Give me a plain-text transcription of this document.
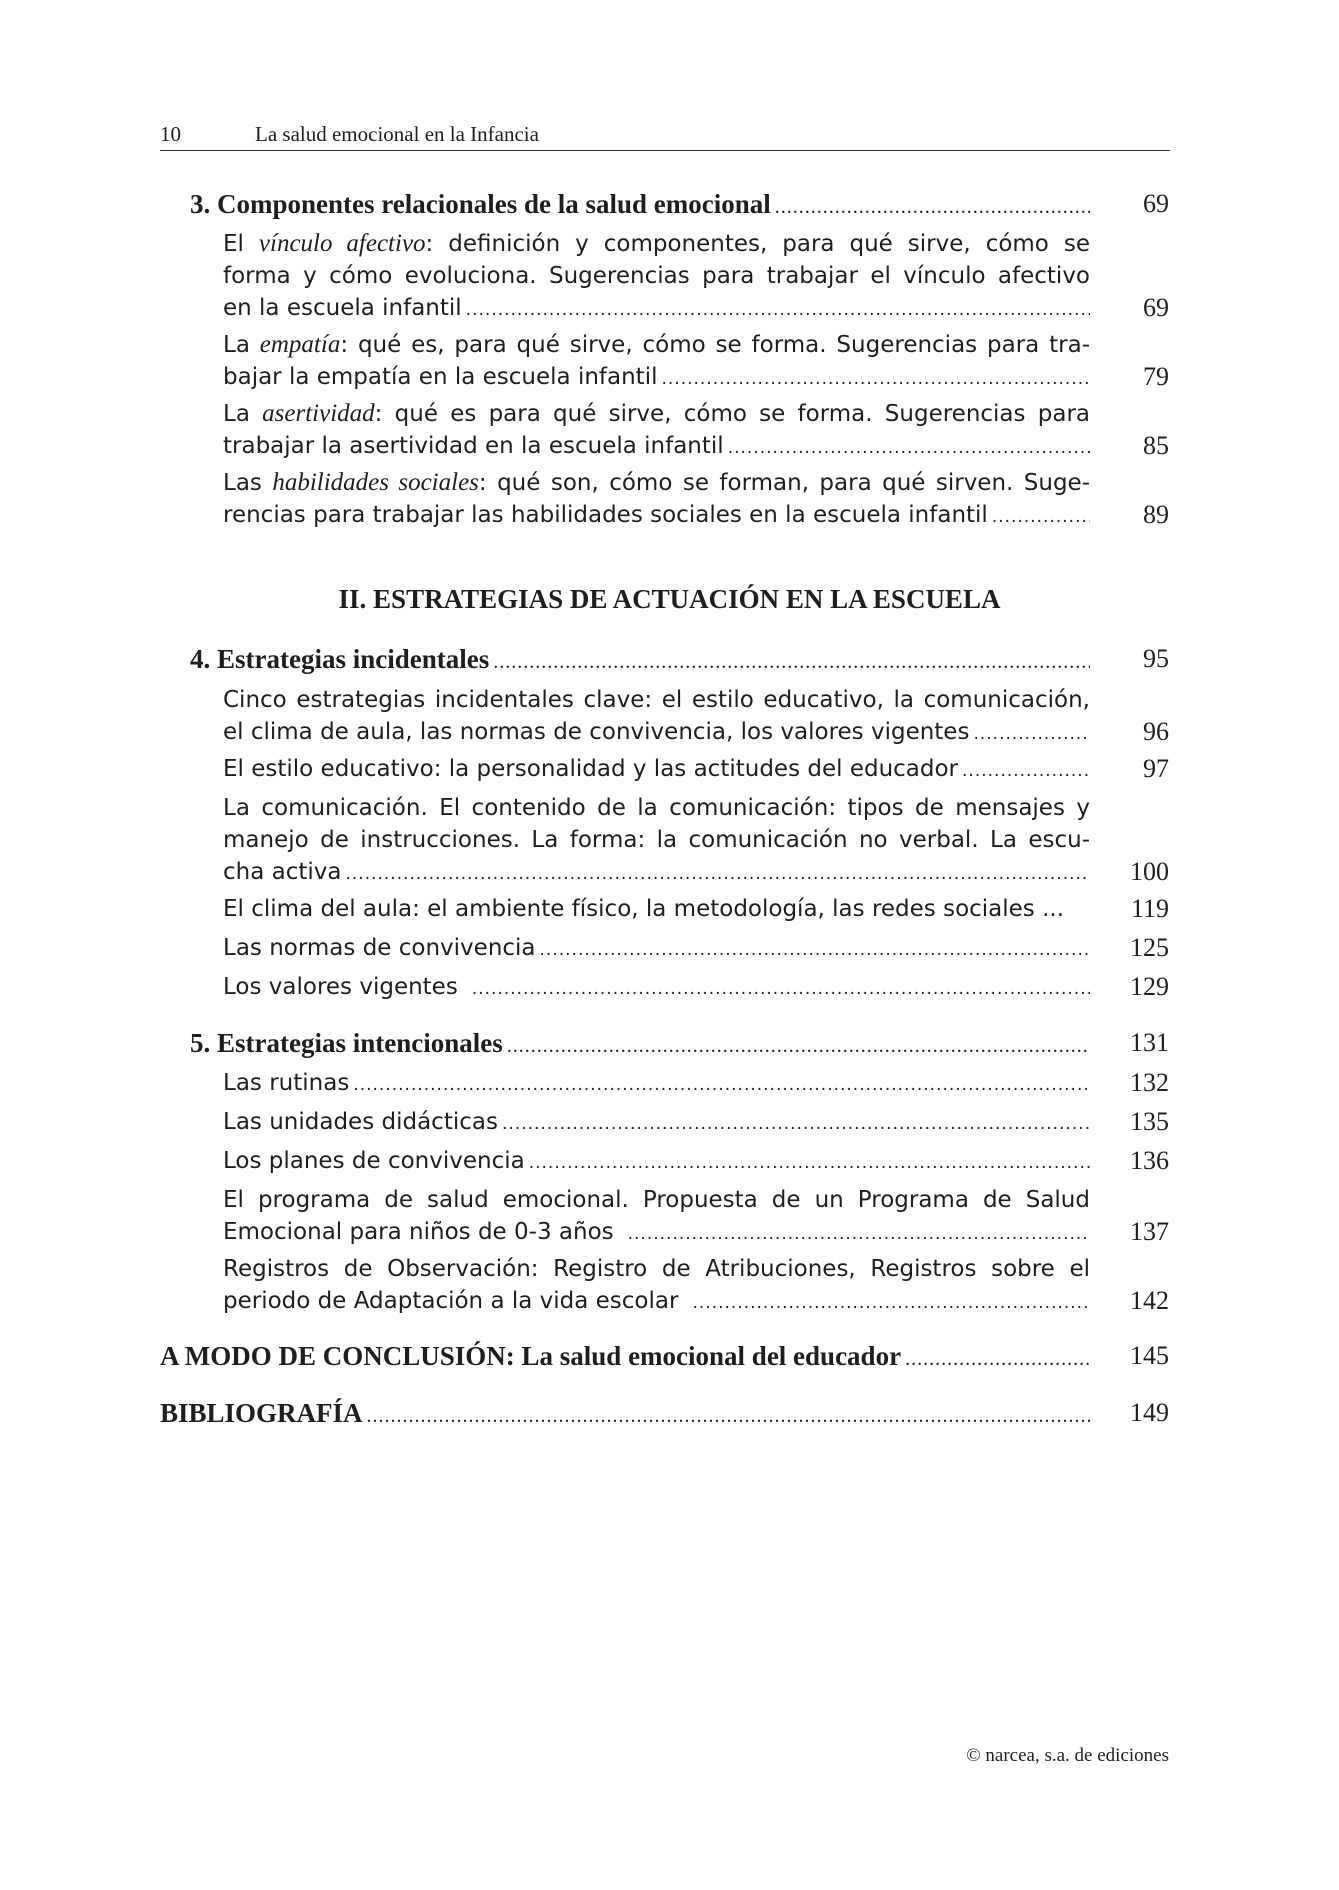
10	La salud emocional en la Infancia
3. Componentes relacionales de la salud emocional .....	69
El vínculo afectivo: definición y componentes, para qué sirve, cómo se
forma y cómo evoluciona. Sugerencias para trabajar el vínculo afectivo
en la escuela infantil .....	69
La empatía: qué es, para qué sirve, cómo se forma. Sugerencias para tra-
bajar la empatía en la escuela infantil .....	79
La asertividad: qué es para qué sirve, cómo se forma. Sugerencias para
trabajar la asertividad en la escuela infantil .....	85
Las habilidades sociales: qué son, cómo se forman, para qué sirven. Suge-
rencias para trabajar las habilidades sociales en la escuela infantil .....	89
II. ESTRATEGIAS DE ACTUACIÓN EN LA ESCUELA
4. Estrategias incidentales .....	95
Cinco estrategias incidentales clave: el estilo educativo, la comunicación,
el clima de aula, las normas de convivencia, los valores vigentes .....	96
El estilo educativo: la personalidad y las actitudes del educador .....	97
La comunicación. El contenido de la comunicación: tipos de mensajes y
manejo de instrucciones. La forma: la comunicación no verbal. La escu-
cha activa .....	100
El clima del aula: el ambiente físico, la metodología, las redes sociales ...	119
Las normas de convivencia .....	125
Los valores vigentes .....	129
5. Estrategias intencionales .....	131
Las rutinas .....	132
Las unidades didácticas .....	135
Los planes de convivencia .....	136
El programa de salud emocional. Propuesta de un Programa de Salud
Emocional para niños de 0-3 años .....	137
Registros de Observación: Registro de Atribuciones, Registros sobre el
periodo de Adaptación a la vida escolar .....	142
A MODO DE CONCLUSIÓN: La salud emocional del educador .....	145
BIBLIOGRAFÍA .....	149
© narcea, s.a. de ediciones
